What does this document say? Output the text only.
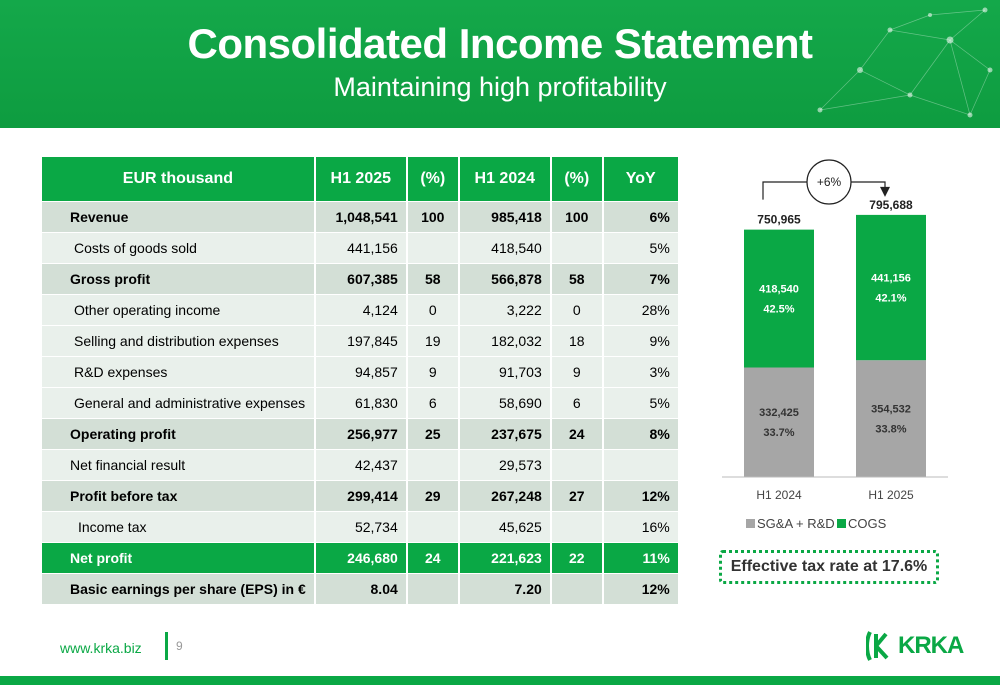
Consolidated Income Statement
Maintaining high profitability
EUR thousand	H1 2025	(%)	H1 2024	(%)	YoY
Revenue	1,048,541	100	985,418	100	6%
Costs of goods sold	441,156		418,540		5%
Gross profit	607,385	58	566,878	58	7%
Other operating income	4,124	0	3,222	0	28%
Selling and distribution expenses	197,845	19	182,032	18	9%
R&D expenses	94,857	9	91,703	9	3%
General and administrative expenses	61,830	6	58,690	6	5%
Operating profit	256,977	25	237,675	24	8%
Net financial result	42,437		29,573		
Profit before tax	299,414	29	267,248	27	12%
Income tax	52,734		45,625		16%
Net profit	246,680	24	221,623	22	11%
Basic earnings per share (EPS) in €	8.04		7.20		12%
332,425
33.7%
418,540
42.5%
750,965
H1 2024
354,532
33.8%
441,156
42.1%
795,688
H1 2025
+6%
SG&A + R&D COGS
Effective tax rate at 17.6%
www.krka.biz	9	KRKA
